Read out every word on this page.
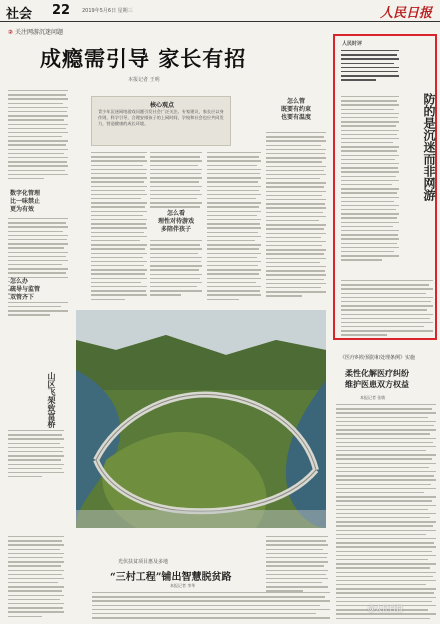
社会 22 2019年5月6日 星期三	人民日报
② 关注网游沉迷问题
成瘾需引导 家长有招
本报记者 王明
数字化管理
比一味禁止
更为有效
怎么办
疏导与监管
双管齐下
核心观点
青少年沉迷网络游戏问题引发社会广泛关注。专家建议，家长应以身作则，科学引导，合理安排孩子的上网时间，学校和社会也应共同发力，营造健康的成长环境。
怎么看
理性对待游戏
多陪伴孩子
怎么管
既要有约束
也要有温度
人民时评
防的是沉迷而非网游
山区飞架致富桥
光伏扶贫项目惠及多地
“三村工程”铺出智慧脱贫路
本报记者 李华
《医疗纠纷预防和处理条例》实施
柔性化解医疗纠纷
维护医患双方权益
本报记者 张敏
@人民日报
